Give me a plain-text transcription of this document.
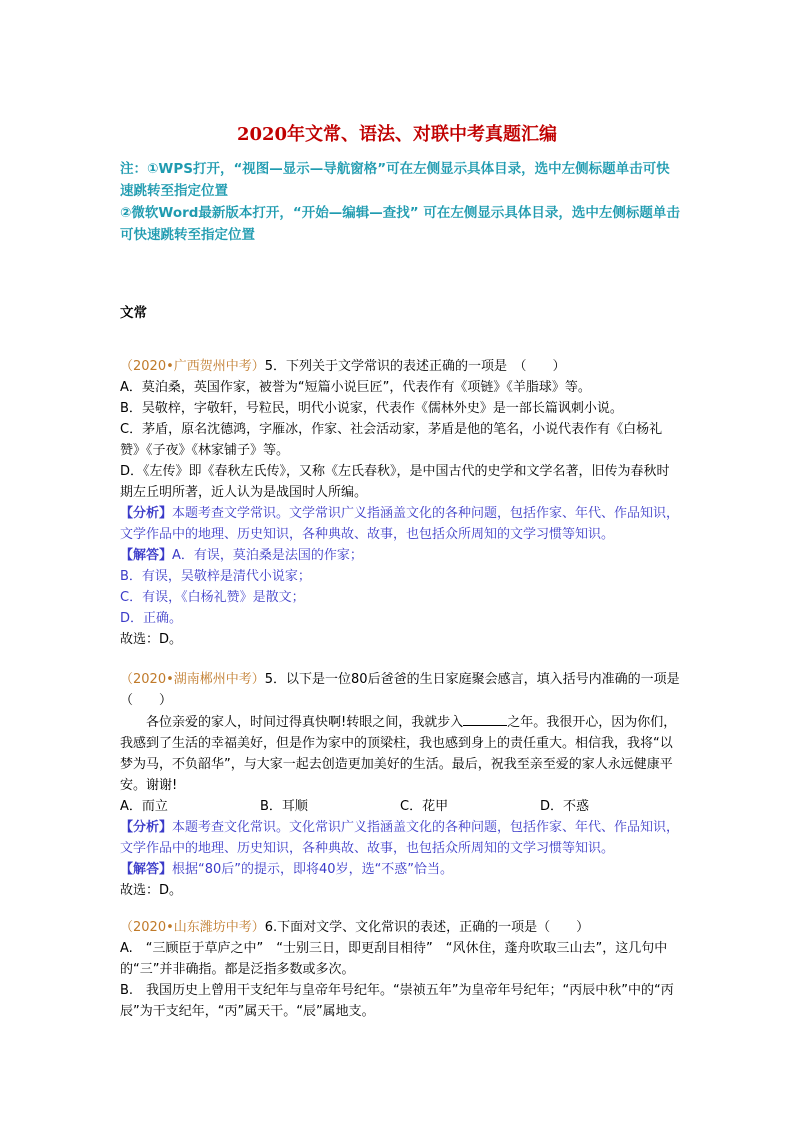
2020年文常、语法、对联中考真题汇编

注：①WPS打开，“视图—显示—导航窗格”可在左侧显示具体目录，选中左侧标题单击可快速跳转至指定位置

②微软Word最新版本打开，“开始—编辑—查找” 可在左侧显示具体目录，选中左侧标题单击可快速跳转至指定位置

文常

（2020•广西贺州中考）5．下列关于文学常识的表述正确的一项是　（　　）

A．莫泊桑，英国作家，被誉为“短篇小说巨匠”，代表作有《项链》《羊脂球》等。

B．吴敬梓，字敬轩，号粒民，明代小说家，代表作《儒林外史》是一部长篇讽刺小说。

C．茅盾，原名沈德鸿，字雁冰，作家、社会活动家，茅盾是他的笔名，小说代表作有《白杨礼赞》《子夜》《林家铺子》等。

D．《左传》即《春秋左氏传》，又称《左氏春秋》，是中国古代的史学和文学名著，旧传为春秋时期左丘明所著，近人认为是战国时人所编。

【分析】本题考查文学常识。文学常识广义指涵盖文化的各种问题，包括作家、年代、作品知识，文学作品中的地理、历史知识，各种典故、故事，也包括众所周知的文学习惯等知识。

【解答】A．有误，莫泊桑是法国的作家；

B．有误，吴敬梓是清代小说家；

C．有误，《白杨礼赞》是散文；

D．正确。

故选：D。

（2020•湖南郴州中考）5．以下是一位80后爸爸的生日家庭聚会感言，填入括号内准确的一项是（　　）

各位亲爱的家人，时间过得真快啊!转眼之间，我就步入	之年。我很开心，因为你们，我感到了生活的幸福美好，但是作为家中的顶梁柱，我也感到身上的责任重大。相信我，我将“以梦为马，不负韶华”，与大家一起去创造更加美好的生活。最后，祝我至亲至爱的家人永远健康平安。谢谢!

A．而立	B．耳顺	C．花甲	D．不惑

【分析】本题考查文化常识。文化常识广义指涵盖文化的各种问题，包括作家、年代、作品知识，文学作品中的地理、历史知识，各种典故、故事，也包括众所周知的文学习惯等知识。

【解答】根据“80后”的提示，即将40岁，选“不惑”恰当。

故选：D。

（2020•山东潍坊中考）6.下面对文学、文化常识的表述，正确的一项是（　　）

A.　“三顾臣于草庐之中”　“士别三日，即更刮目相待”　“风休住，蓬舟吹取三山去”，这几句中的“三”并非确指。都是泛指多数或多次。

B.　我国历史上曾用干支纪年与皇帝年号纪年。“崇祯五年”为皇帝年号纪年；“丙辰中秋”中的“丙辰”为干支纪年，“丙”属天干。“辰”属地支。
